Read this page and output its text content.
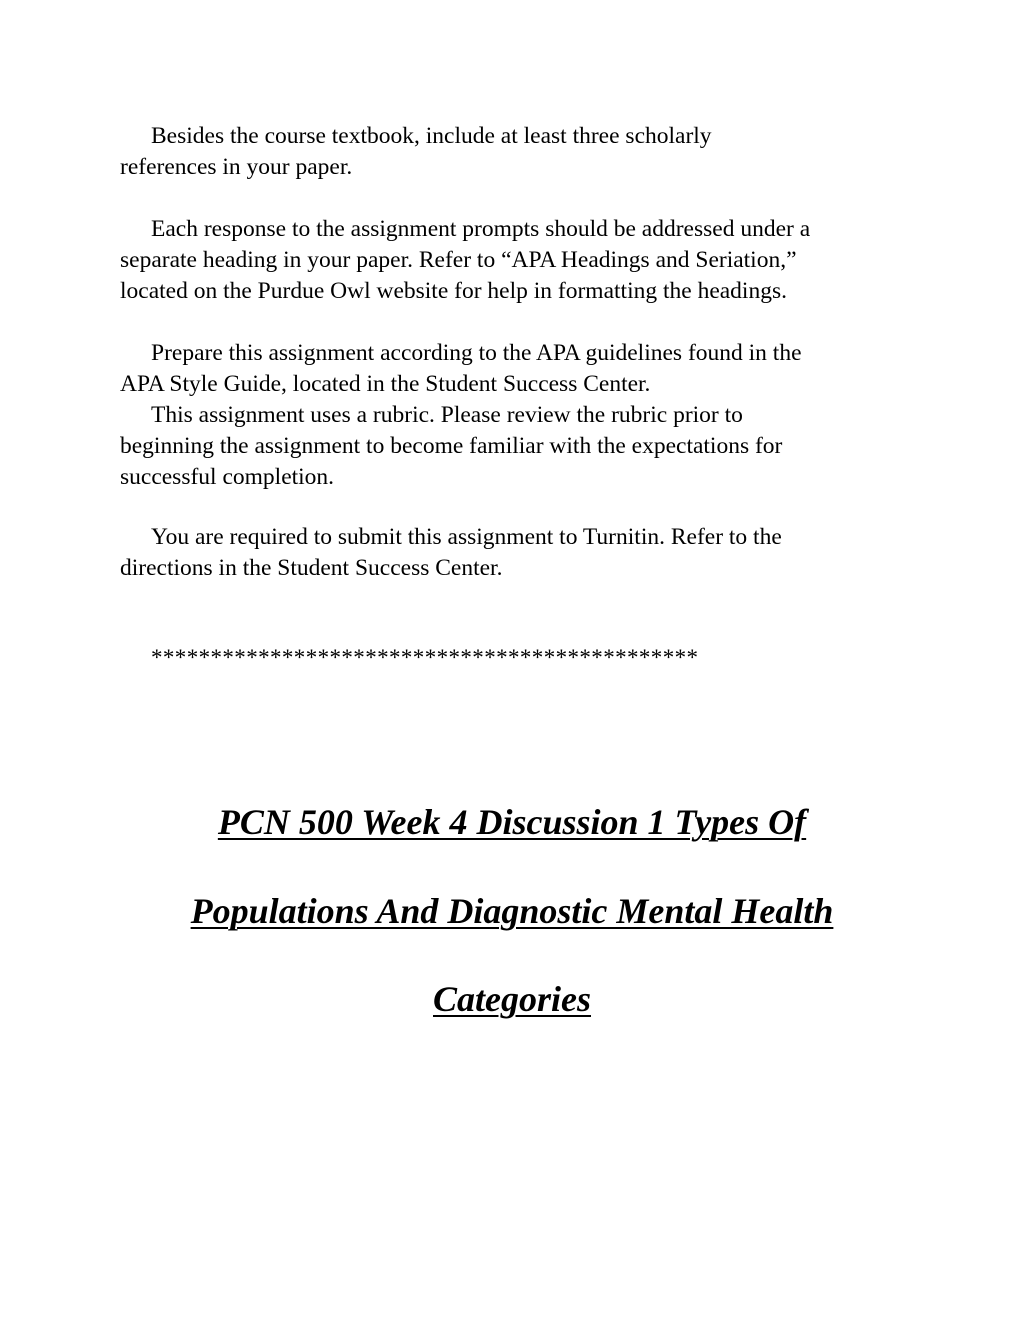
Besides the course textbook, include at least three scholarly
references in your paper.
Each response to the assignment prompts should be addressed under a
separate heading in your paper. Refer to “APA Headings and Seriation,”
located on the Purdue Owl website for help in formatting the headings.
Prepare this assignment according to the APA guidelines found in the
APA Style Guide, located in the Student Success Center.
This assignment uses a rubric. Please review the rubric prior to
beginning the assignment to become familiar with the expectations for
successful completion.
You are required to submit this assignment to Turnitin. Refer to the
directions in the Student Success Center.
**********************************************
PCN 500 Week 4 Discussion 1 Types Of
Populations And Diagnostic Mental Health
Categories
